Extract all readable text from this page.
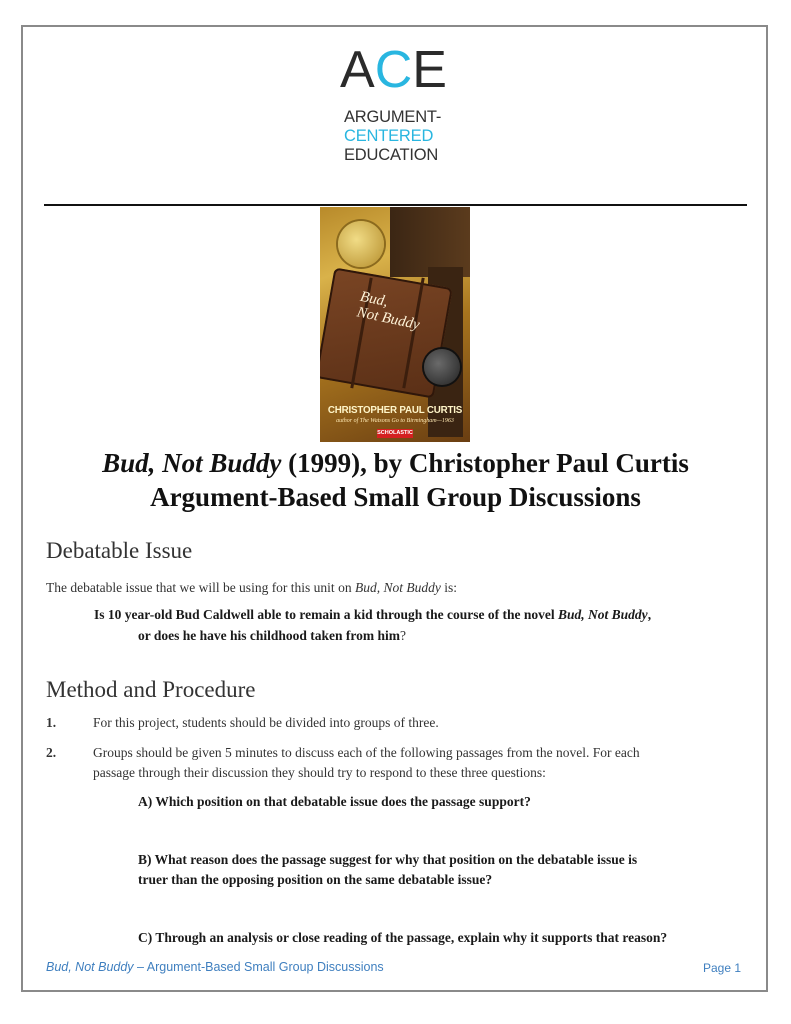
ACE
ARGUMENT-
CENTERED
EDUCATION
Bud,
Not Buddy
CHRISTOPHER PAUL CURTIS
author of The Watsons Go to Birmingham—1963
SCHOLASTIC
Bud, Not Buddy (1999), by Christopher Paul Curtis
Argument-Based Small Group Discussions
Debatable Issue
The debatable issue that we will be using for this unit on Bud, Not Buddy is:
Is 10 year-old Bud Caldwell able to remain a kid through the course of the novel Bud, Not Buddy,
or does he have his childhood taken from him?
Method and Procedure
1.	For this project, students should be divided into groups of three.
2.	Groups should be given 5 minutes to discuss each of the following passages from the novel. For each
passage through their discussion they should try to respond to these three questions:
A) Which position on that debatable issue does the passage support?
B) What reason does the passage suggest for why that position on the debatable issue is
truer than the opposing position on the same debatable issue?
C) Through an analysis or close reading of the passage, explain why it supports that reason?
Bud, Not Buddy – Argument-Based Small Group Discussions	Page 1
